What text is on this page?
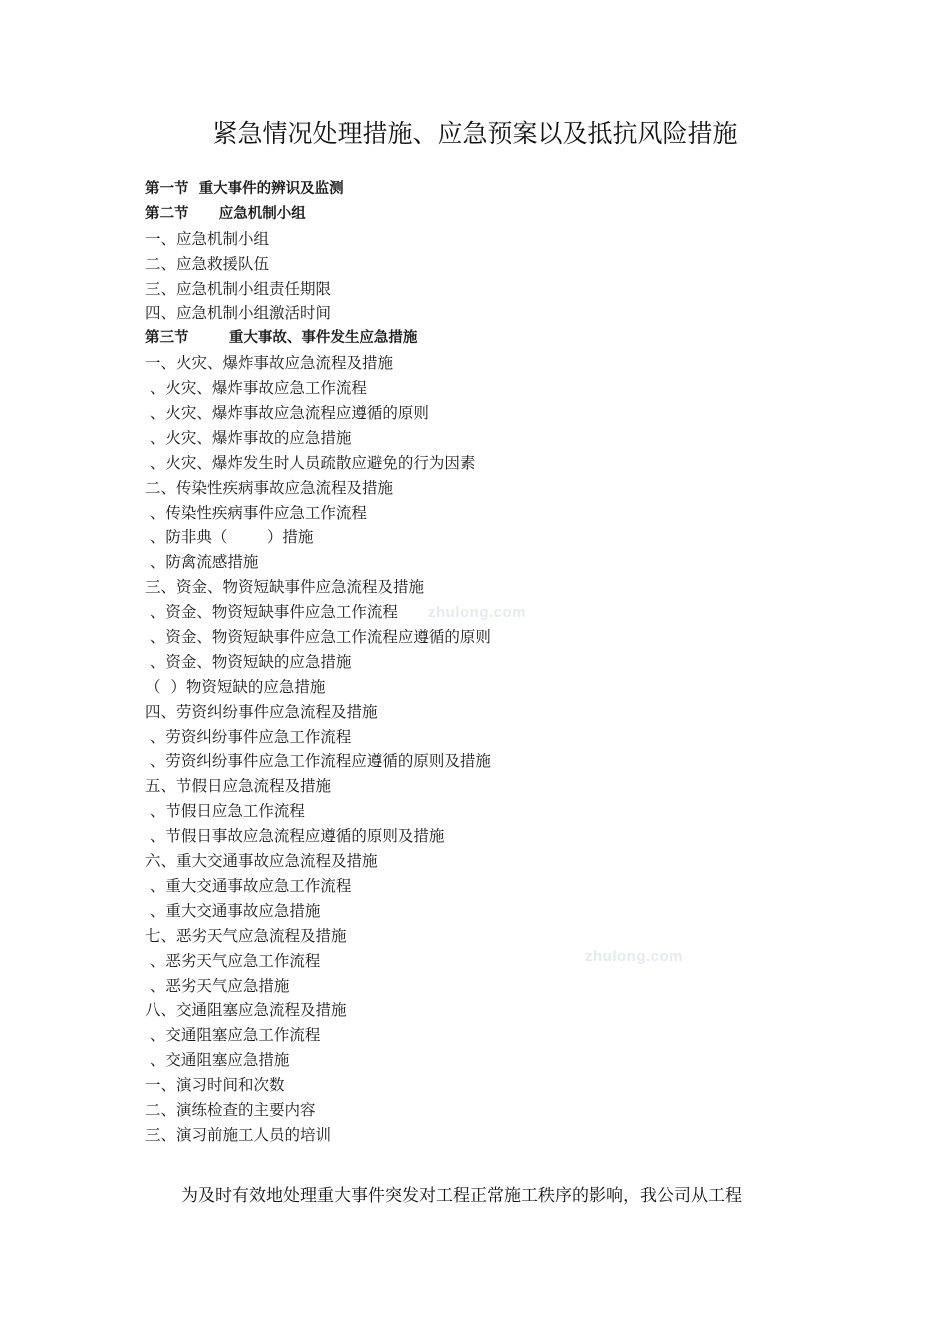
紧急情况处理措施、应急预案以及抵抗风险措施
第一节  重大事件的辨识及监测
第二节      应急机制小组
一、应急机制小组
二、应急救援队伍
三、应急机制小组责任期限
四、应急机制小组激活时间
第三节        重大事故、事件发生应急措施
一、火灾、爆炸事故应急流程及措施
、火灾、爆炸事故应急工作流程
、火灾、爆炸事故应急流程应遵循的原则
、火灾、爆炸事故的应急措施
、火灾、爆炸发生时人员疏散应避免的行为因素
二、传染性疾病事故应急流程及措施
、传染性疾病事件应急工作流程
、防非典（        ）措施
、防禽流感措施
三、资金、物资短缺事件应急流程及措施
、资金、物资短缺事件应急工作流程
、资金、物资短缺事件应急工作流程应遵循的原则
、资金、物资短缺的应急措施
（  ）物资短缺的应急措施
四、劳资纠纷事件应急流程及措施
、劳资纠纷事件应急工作流程
、劳资纠纷事件应急工作流程应遵循的原则及措施
五、节假日应急流程及措施
、节假日应急工作流程
、节假日事故应急流程应遵循的原则及措施
六、重大交通事故应急流程及措施
、重大交通事故应急工作流程
、重大交通事故应急措施
七、恶劣天气应急流程及措施
、恶劣天气应急工作流程
、恶劣天气应急措施
八、交通阻塞应急流程及措施
、交通阻塞应急工作流程
、交通阻塞应急措施
一、演习时间和次数
二、演练检查的主要内容
三、演习前施工人员的培训

为及时有效地处理重大事件突发对工程正常施工秩序的影响，我公司从工程

zhulong.com
zhulong.com
